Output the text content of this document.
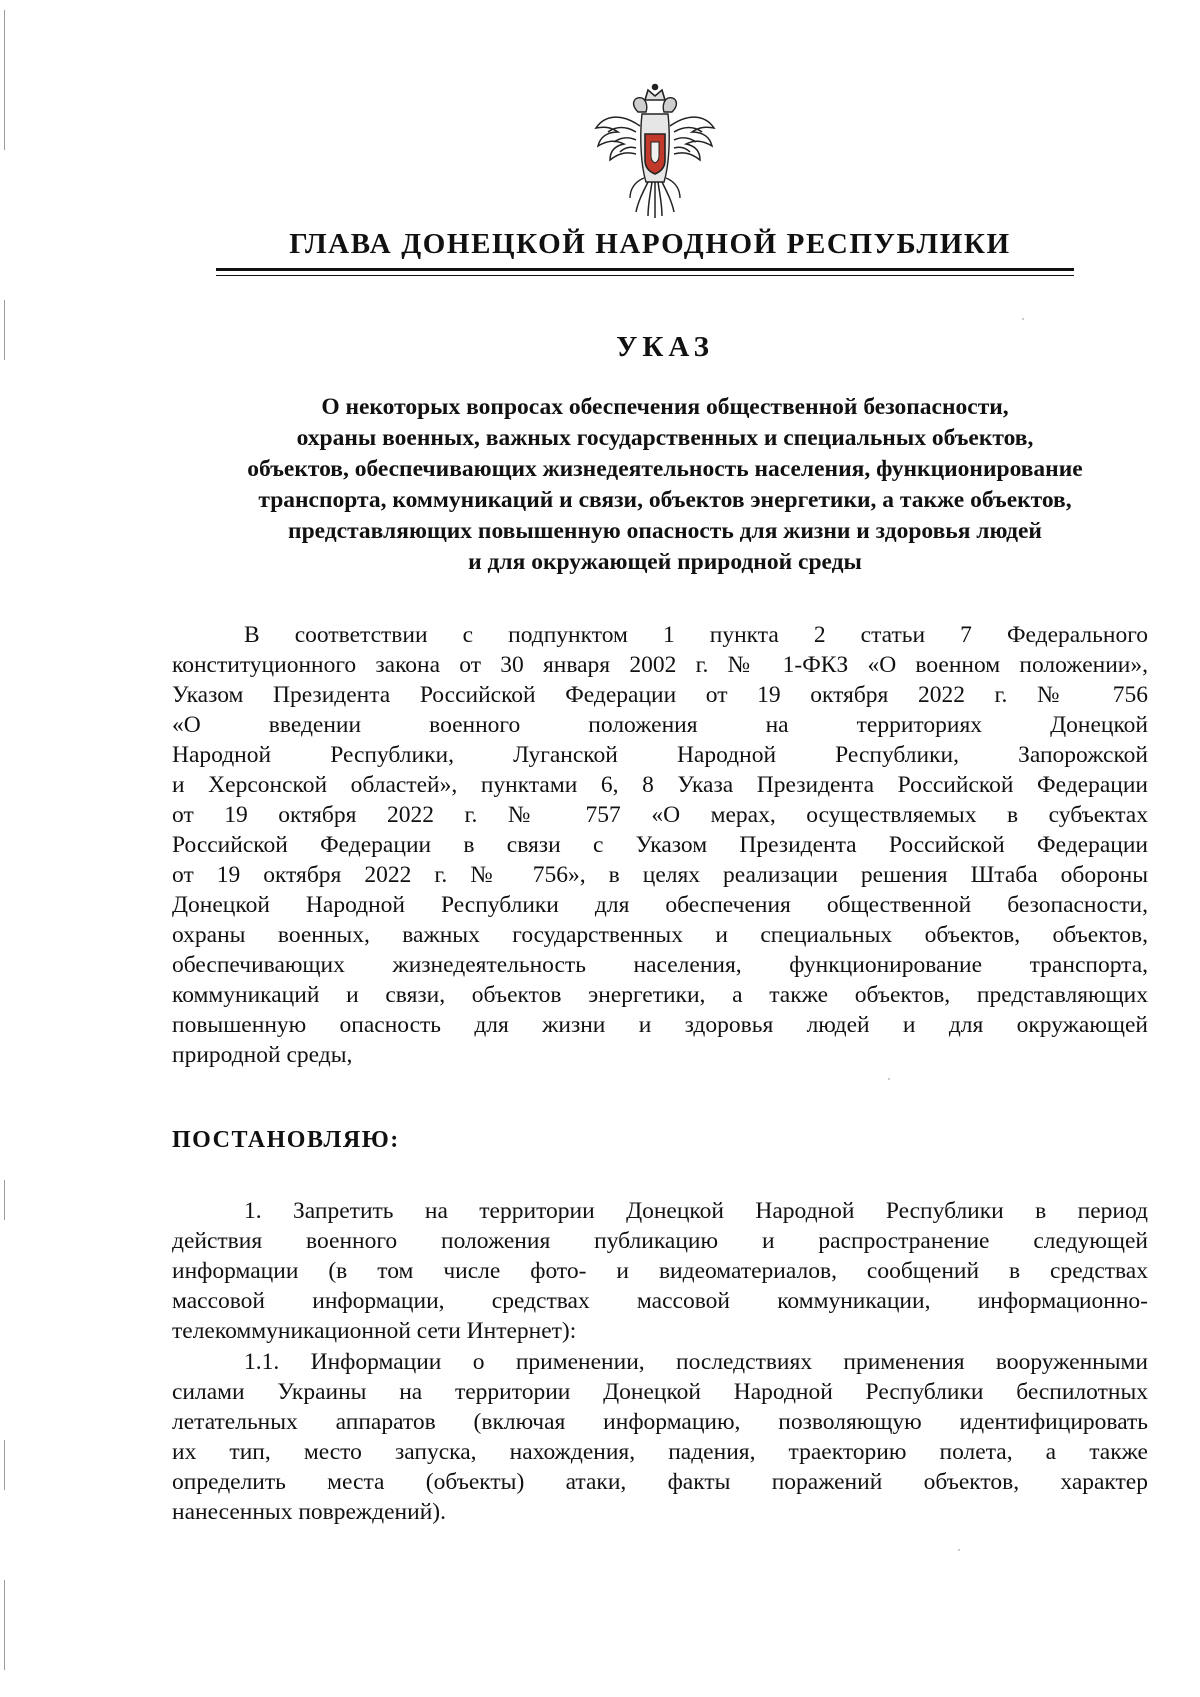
ГЛАВА ДОНЕЦКОЙ НАРОДНОЙ РЕСПУБЛИКИ
УКАЗ
О некоторых вопросах обеспечения общественной безопасности,
охраны военных, важных государственных и специальных объектов,
объектов, обеспечивающих жизнедеятельность населения, функционирование
транспорта, коммуникаций и связи, объектов энергетики, а также объектов,
представляющих повышенную опасность для жизни и здоровья людей
и для окружающей природной среды
В соответствии с подпунктом 1 пункта 2 статьи 7 Федерального
конституционного закона от 30 января 2002 г. № 1-ФКЗ «О военном положении»,
Указом Президента Российской Федерации от 19 октября 2022 г. № 756
«О введении военного положения на территориях Донецкой
Народной Республики, Луганской Народной Республики, Запорожской
и Херсонской областей», пунктами 6, 8 Указа Президента Российской Федерации
от 19 октября 2022 г. № 757 «О мерах, осуществляемых в субъектах
Российской Федерации в связи с Указом Президента Российской Федерации
от 19 октября 2022 г. № 756», в целях реализации решения Штаба обороны
Донецкой Народной Республики для обеспечения общественной безопасности,
охраны военных, важных государственных и специальных объектов, объектов,
обеспечивающих жизнедеятельность населения, функционирование транспорта,
коммуникаций и связи, объектов энергетики, а также объектов, представляющих
повышенную опасность для жизни и здоровья людей и для окружающей
природной среды,
ПОСТАНОВЛЯЮ:
1. Запретить на территории Донецкой Народной Республики в период
действия военного положения публикацию и распространение следующей
информации (в том числе фото- и видеоматериалов, сообщений в средствах
массовой информации, средствах массовой коммуникации, информационно-
телекоммуникационной сети Интернет):
1.1. Информации о применении, последствиях применения вооруженными
силами Украины на территории Донецкой Народной Республики беспилотных
летательных аппаратов (включая информацию, позволяющую идентифицировать
их тип, место запуска, нахождения, падения, траекторию полета, а также
определить места (объекты) атаки, факты поражений объектов, характер
нанесенных повреждений).
